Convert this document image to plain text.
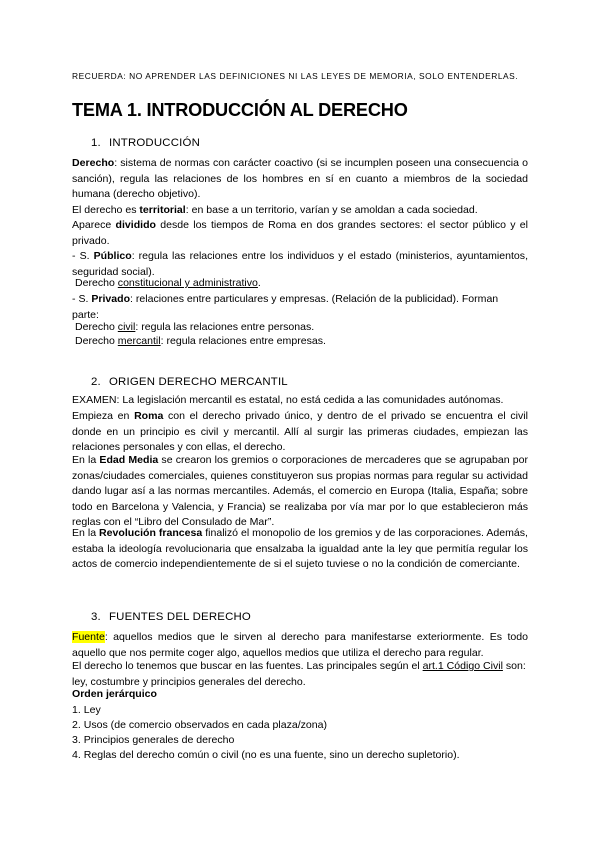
RECUERDA: NO APRENDER LAS DEFINICIONES NI LAS LEYES DE MEMORIA, SOLO ENTENDERLAS.
TEMA 1. INTRODUCCIÓN AL DERECHO
1. INTRODUCCIÓN
Derecho: sistema de normas con carácter coactivo (si se incumplen poseen una consecuencia o sanción), regula las relaciones de los hombres en sí en cuanto a miembros de la sociedad humana (derecho objetivo).
El derecho es territorial: en base a un territorio, varían y se amoldan a cada sociedad.
Aparece dividido desde los tiempos de Roma en dos grandes sectores: el sector público y el privado.
- S. Público: regula las relaciones entre los individuos y el estado (ministerios, ayuntamientos, seguridad social).
Derecho constitucional y administrativo.
- S. Privado: relaciones entre particulares y empresas. (Relación de la publicidad). Forman parte:
Derecho civil: regula las relaciones entre personas.
Derecho mercantil: regula relaciones entre empresas.
2. ORIGEN DERECHO MERCANTIL
EXAMEN: La legislación mercantil es estatal, no está cedida a las comunidades autónomas.
Empieza en Roma con el derecho privado único, y dentro de el privado se encuentra el civil donde en un principio es civil y mercantil. Allí al surgir las primeras ciudades, empiezan las relaciones personales y con ellas, el derecho.
En la Edad Media se crearon los gremios o corporaciones de mercaderes que se agrupaban por zonas/ciudades comerciales, quienes constituyeron sus propias normas para regular su actividad dando lugar así a las normas mercantiles. Además, el comercio en Europa (Italia, España; sobre todo en Barcelona y Valencia, y Francia) se realizaba por vía mar por lo que establecieron más reglas con el “Libro del Consulado de Mar”.
En la Revolución francesa finalizó el monopolio de los gremios y de las corporaciones. Además, estaba la ideología revolucionaria que ensalzaba la igualdad ante la ley que permitía regular los actos de comercio independientemente de si el sujeto tuviese o no la condición de comerciante.
3. FUENTES DEL DERECHO
Fuente: aquellos medios que le sirven al derecho para manifestarse exteriormente. Es todo aquello que nos permite coger algo, aquellos medios que utiliza el derecho para regular.
El derecho lo tenemos que buscar en las fuentes. Las principales según el art.1 Código Civil son: ley, costumbre y principios generales del derecho.
Orden jerárquico
1. Ley
2. Usos (de comercio observados en cada plaza/zona)
3. Principios generales de derecho
4. Reglas del derecho común o civil (no es una fuente, sino un derecho supletorio).
